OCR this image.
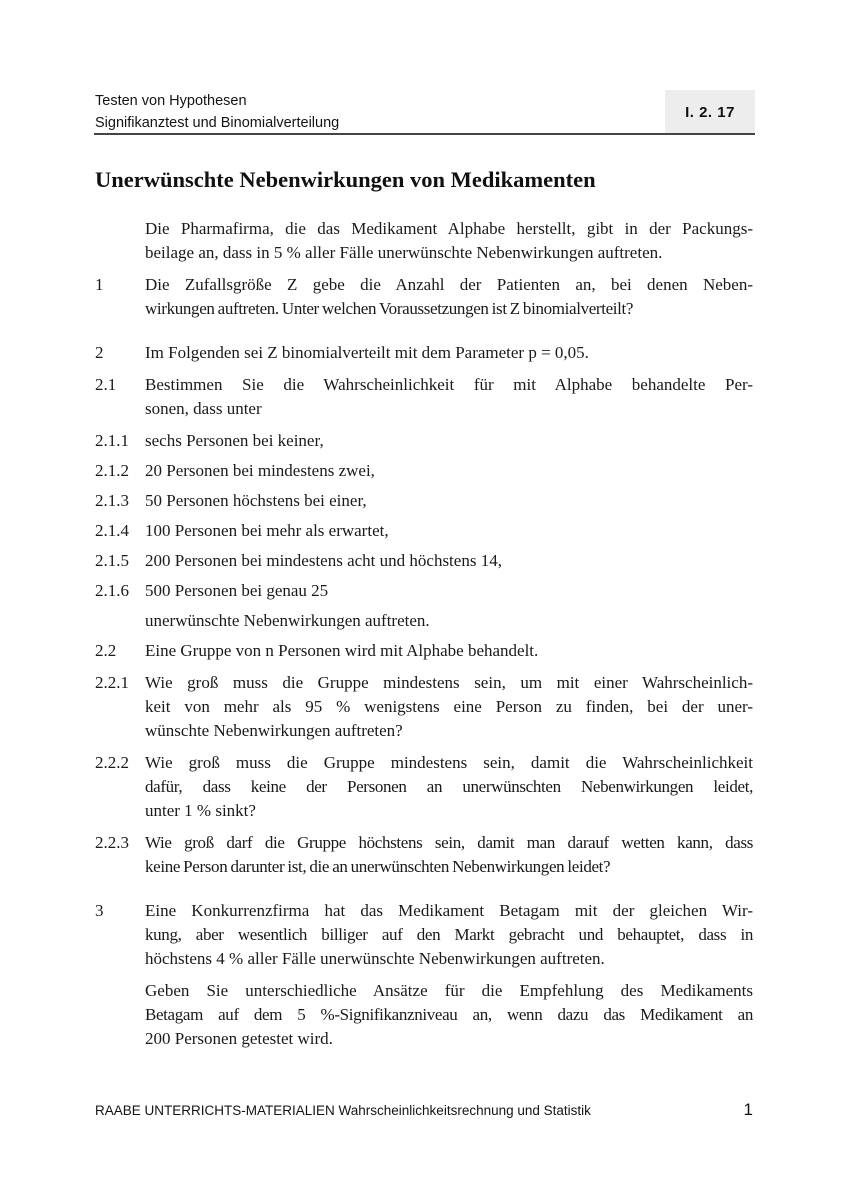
Testen von Hypothesen
Signifikanztest und Binomialverteilung
I. 2. 17
Unerwünschte Nebenwirkungen von Medikamenten
Die Pharmafirma, die das Medikament Alphabe herstellt, gibt in der Packungs-
beilage an, dass in 5 % aller Fälle unerwünschte Nebenwirkungen auftreten.
1 Die Zufallsgröße Z gebe die Anzahl der Patienten an, bei denen Neben-
wirkungen auftreten. Unter welchen Voraussetzungen ist Z binomialverteilt?
2 Im Folgenden sei Z binomialverteilt mit dem Parameter p = 0,05.
2.1 Bestimmen Sie die Wahrscheinlichkeit für mit Alphabe behandelte Per-
sonen, dass unter
2.1.1 sechs Personen bei keiner,
2.1.2 20 Personen bei mindestens zwei,
2.1.3 50 Personen höchstens bei einer,
2.1.4 100 Personen bei mehr als erwartet,
2.1.5 200 Personen bei mindestens acht und höchstens 14,
2.1.6 500 Personen bei genau 25
unerwünschte Nebenwirkungen auftreten.
2.2 Eine Gruppe von n Personen wird mit Alphabe behandelt.
2.2.1 Wie groß muss die Gruppe mindestens sein, um mit einer Wahrscheinlich-
keit von mehr als 95 % wenigstens eine Person zu finden, bei der uner-
wünschte Nebenwirkungen auftreten?
2.2.2 Wie groß muss die Gruppe mindestens sein, damit die Wahrscheinlichkeit
dafür, dass keine der Personen an unerwünschten Nebenwirkungen leidet,
unter 1 % sinkt?
2.2.3 Wie groß darf die Gruppe höchstens sein, damit man darauf wetten kann, dass
keine Person darunter ist, die an unerwünschten Nebenwirkungen leidet?
3 Eine Konkurrenzfirma hat das Medikament Betagam mit der gleichen Wir-
kung, aber wesentlich billiger auf den Markt gebracht und behauptet, dass in
höchstens 4 % aller Fälle unerwünschte Nebenwirkungen auftreten.
Geben Sie unterschiedliche Ansätze für die Empfehlung des Medikaments
Betagam auf dem 5 %-Signifikanzniveau an, wenn dazu das Medikament an
200 Personen getestet wird.
RAABE UNTERRICHTS-MATERIALIEN Wahrscheinlichkeitsrechnung und Statistik	1
